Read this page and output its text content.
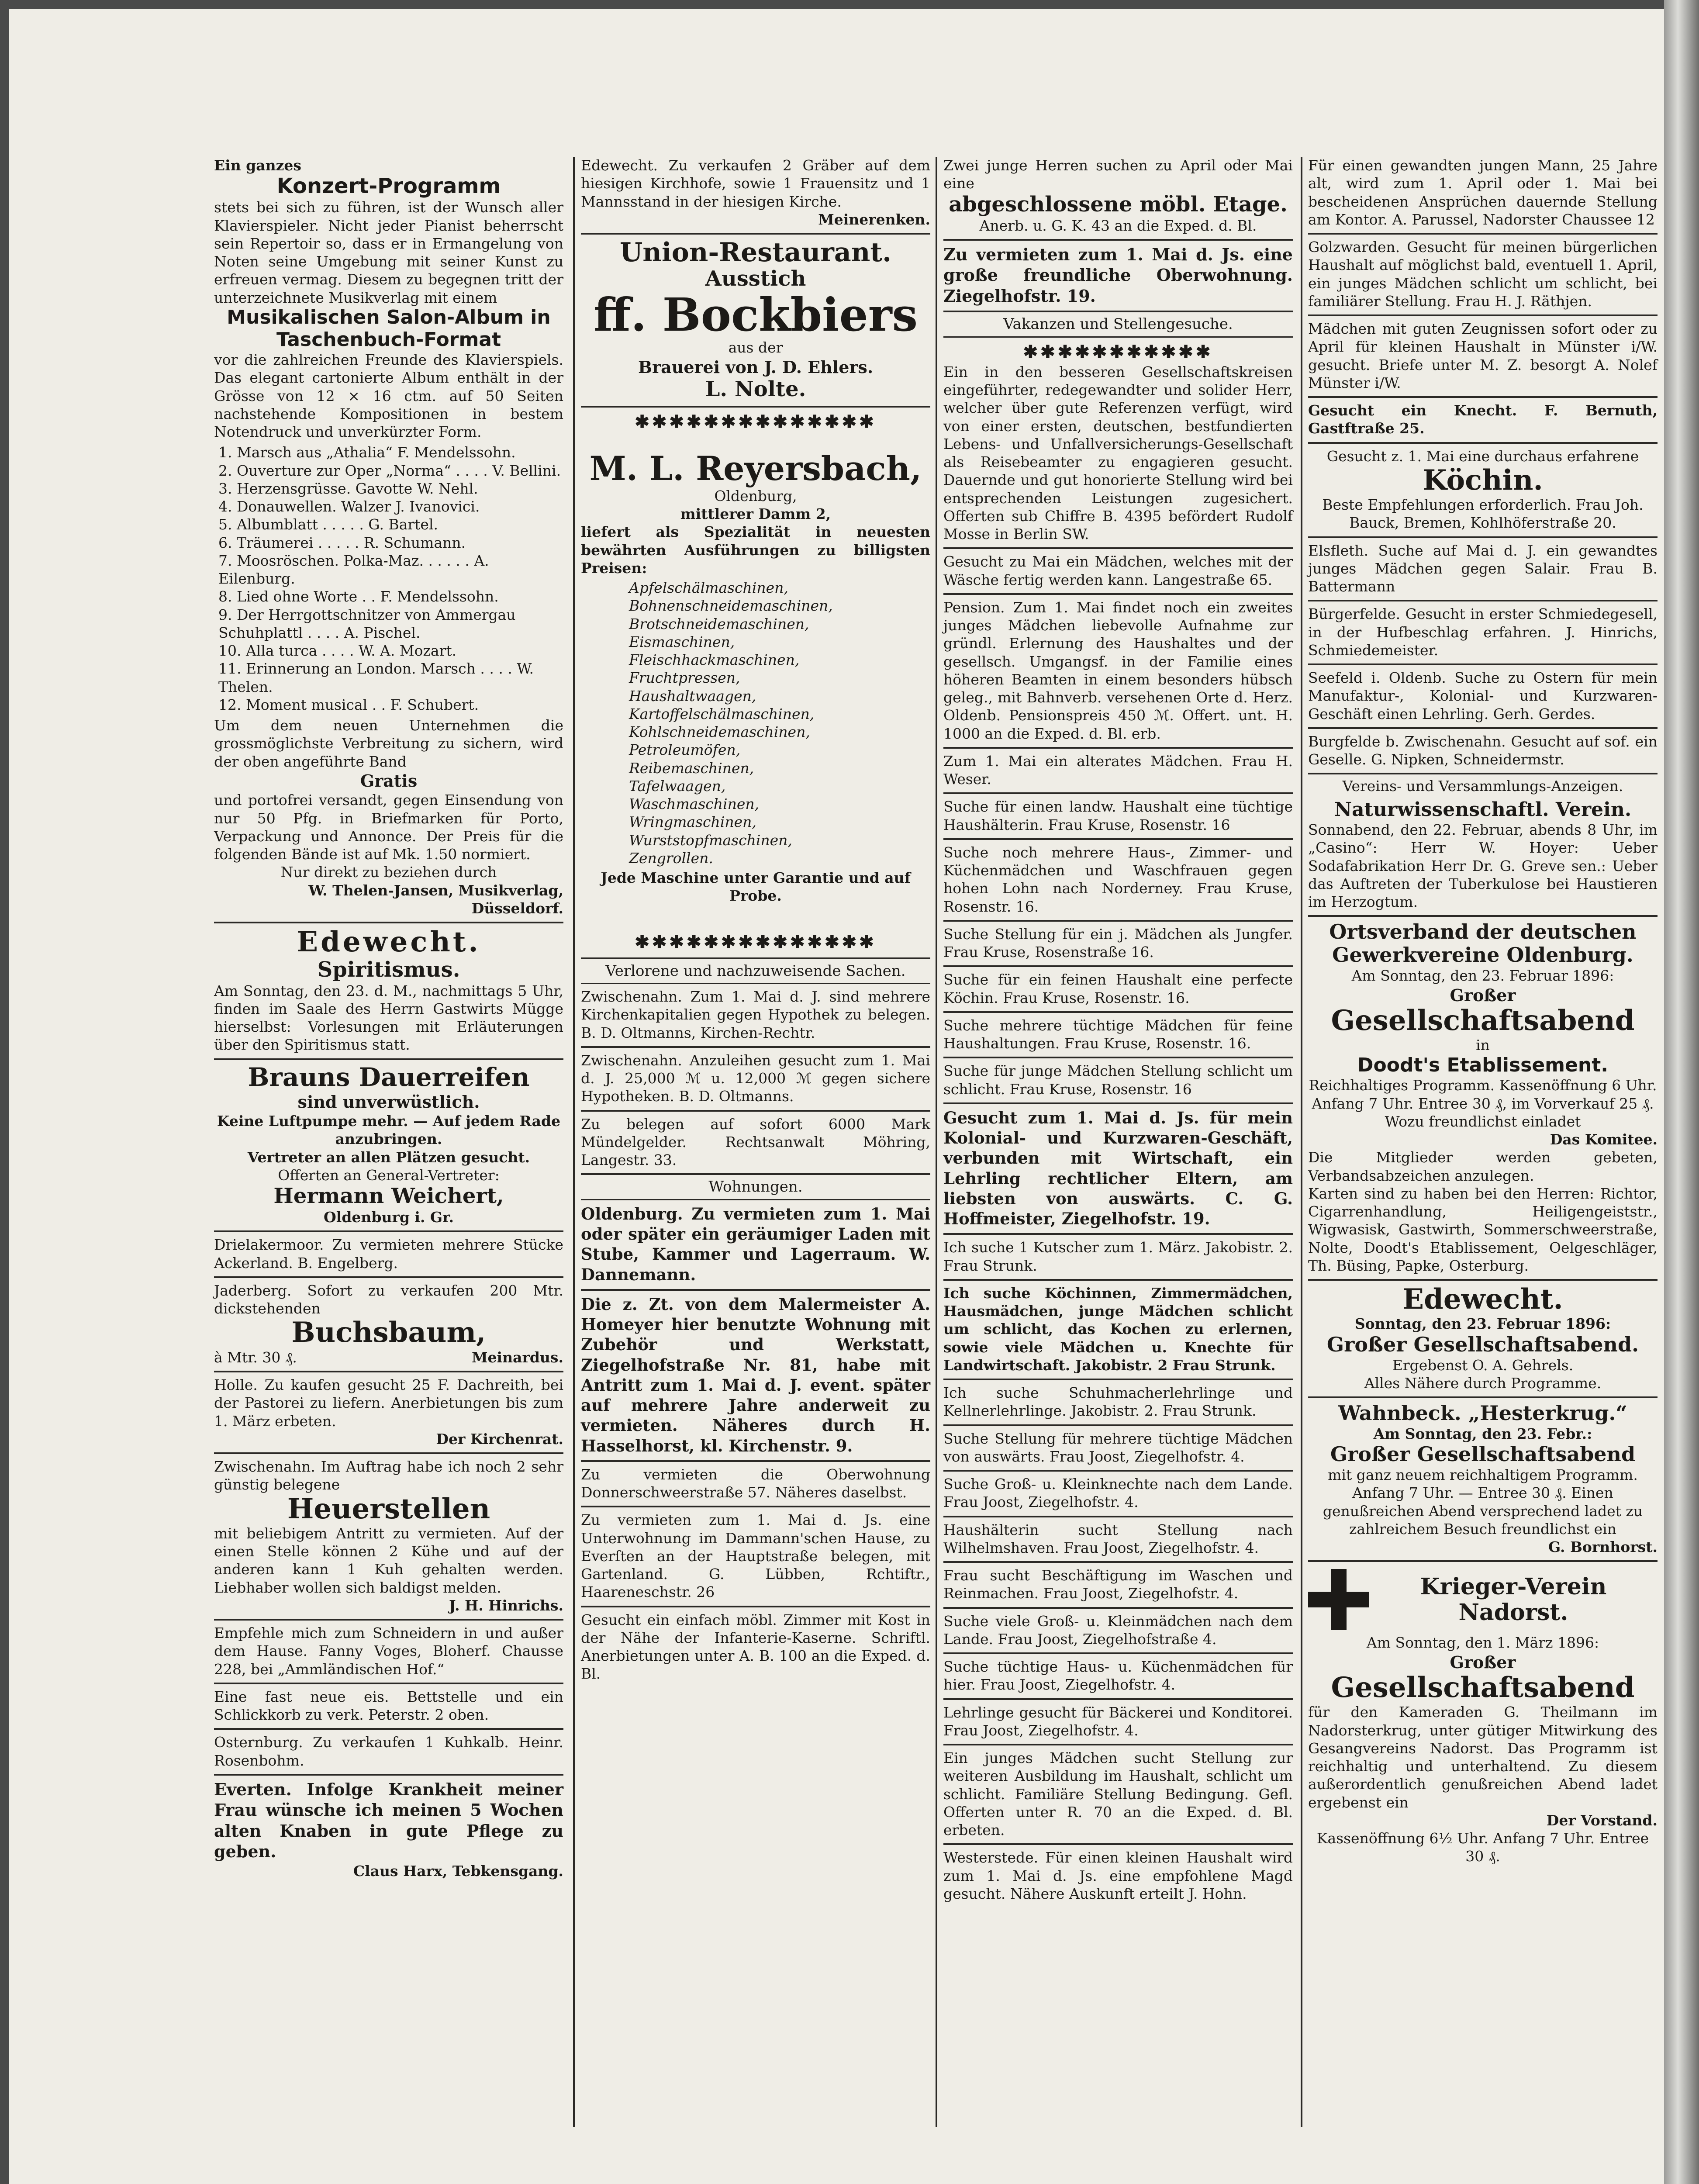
Ein ganzes
Konzert-Programm
stets bei sich zu führen, ist der Wunsch aller Klavierspieler. Nicht jeder Pianist beherrscht sein Repertoir so, dass er in Ermangelung von Noten seine Umgebung mit seiner Kunst zu erfreuen vermag. Diesem zu begegnen tritt der unterzeichnete Musikverlag mit einem
Musikalischen Salon-Album in Taschenbuch-Format
vor die zahlreichen Freunde des Klavierspiels. Das elegant cartonierte Album enthält in der Grösse von 12 × 16 ctm. auf 50 Seiten nachstehende Kompositionen in bestem Notendruck und unverkürzter Form.
1. Marsch aus „Athalia“ F. Mendelssohn.
2. Ouverture zur Oper „Norma“ . . . . V. Bellini.
3. Herzensgrüsse. Gavotte W. Nehl.
4. Donauwellen. Walzer J. Ivanovici.
5. Albumblatt . . . . . G. Bartel.
6. Träumerei . . . . . R. Schumann.
7. Moosröschen. Polka-Maz. . . . . . A. Eilenburg.
8. Lied ohne Worte . . F. Mendelssohn.
9. Der Herrgottschnitzer von Ammergau Schuhplattl . . . . A. Pischel.
10. Alla turca . . . . W. A. Mozart.
11. Erinnerung an London. Marsch . . . . W. Thelen.
12. Moment musical . . F. Schubert.
Um dem neuen Unternehmen die grossmöglichste Verbreitung zu sichern, wird der oben angeführte Band
Gratis
und portofrei versandt, gegen Einsendung von nur 50 Pfg. in Briefmarken für Porto, Verpackung und Annonce. Der Preis für die folgenden Bände ist auf Mk. 1.50 normiert.
Nur direkt zu beziehen durch
W. Thelen-Jansen, Musikverlag, Düsseldorf.
Edewecht.
Spiritismus.
Am Sonntag, den 23. d. M., nachmittags 5 Uhr, finden im Saale des Herrn Gastwirts Mügge hierselbst: Vorlesungen mit Erläuterungen über den Spiritismus statt.
Brauns Dauerreifen
sind unverwüstlich.
Keine Luftpumpe mehr. — Auf jedem Rade anzubringen.
Vertreter an allen Plätzen gesucht.
Offerten an General-Vertreter:
Hermann Weichert,
Oldenburg i. Gr.
Drielakermoor. Zu vermieten mehrere Stücke Ackerland. B. Engelberg.
Jaderberg. Sofort zu verkaufen 200 Mtr. dickstehenden
Buchsbaum,
à Mtr. 30 ₰.	Meinardus.
Holle. Zu kaufen gesucht 25 F. Dachreith, bei der Pastorei zu liefern. Anerbietungen bis zum 1. März erbeten.
Der Kirchenrat.
Zwischenahn. Im Auftrag habe ich noch 2 sehr günstig belegene
Heuerstellen
mit beliebigem Antritt zu vermieten. Auf der einen Stelle können 2 Kühe und auf der anderen kann 1 Kuh gehalten werden. Liebhaber wollen sich baldigst melden.
J. H. Hinrichs.
Empfehle mich zum Schneidern in und außer dem Hause. Fanny Voges, Bloherf. Chausse 228, bei „Ammländischen Hof.“
Eine fast neue eis. Bettstelle und ein Schlickkorb zu verk. Peterstr. 2 oben.
Osternburg. Zu verkaufen 1 Kuhkalb. Heinr. Rosenbohm.
Everten. Infolge Krankheit meiner Frau wünsche ich meinen 5 Wochen alten Knaben in gute Pflege zu geben.
Claus Harx, Tebkensgang.
Edewecht. Zu verkaufen 2 Gräber auf dem hiesigen Kirchhofe, sowie 1 Frauensitz und 1 Mannsstand in der hiesigen Kirche.
Meinerenken.
Union-Restaurant.
Ausstich
ff. Bockbiers
aus der
Brauerei von J. D. Ehlers.
L. Nolte.
✱✱✱✱✱✱✱✱✱✱✱✱✱✱
M. L. Reyersbach,
Oldenburg,
mittlerer Damm 2,
liefert als Spezialität in neuesten bewährten Ausführungen zu billigsten Preisen:
Apfelschälmaschinen,
Bohnenschneidemaschinen,
Brotschneidemaschinen,
Eismaschinen,
Fleischhackmaschinen,
Fruchtpressen,
Haushaltwaagen,
Kartoffelschälmaschinen,
Kohlschneidemaschinen,
Petroleumöfen,
Reibemaschinen,
Tafelwaagen,
Waschmaschinen,
Wringmaschinen,
Wurststopfmaschinen,
Zengrollen.
Jede Maschine unter Garantie und auf Probe.
✱✱✱✱✱✱✱✱✱✱✱✱✱✱
Verlorene und nachzuweisende Sachen.
Zwischenahn. Zum 1. Mai d. J. sind mehrere Kirchenkapitalien gegen Hypothek zu belegen. B. D. Oltmanns, Kirchen-Rechtr.
Zwischenahn. Anzuleihen gesucht zum 1. Mai d. J. 25,000 ℳ u. 12,000 ℳ gegen sichere Hypotheken. B. D. Oltmanns.
Zu belegen auf sofort 6000 Mark Mündelgelder. Rechtsanwalt Möhring, Langestr. 33.
Wohnungen.
Oldenburg. Zu vermieten zum 1. Mai oder später ein geräumiger Laden mit Stube, Kammer und Lagerraum. W. Dannemann.
Die z. Zt. von dem Malermeister A. Homeyer hier benutzte Wohnung mit Zubehör und Werkstatt, Ziegelhofstraße Nr. 81, habe mit Antritt zum 1. Mai d. J. event. später auf mehrere Jahre anderweit zu vermieten. Näheres durch H. Hasselhorst, kl. Kirchenstr. 9.
Zu vermieten die Oberwohnung Donnerschweerstraße 57. Näheres daselbst.
Zu vermieten zum 1. Mai d. Js. eine Unterwohnung im Dammann'schen Hause, zu Everſten an der Hauptstraße belegen, mit Gartenland. G. Lübben, Rchtiftr., Haareneschstr. 26
Gesucht ein einfach möbl. Zimmer mit Kost in der Nähe der Infanterie-Kaserne. Schriftl. Anerbietungen unter A. B. 100 an die Exped. d. Bl.
Zwei junge Herren suchen zu April oder Mai eine
abgeschlossene möbl. Etage.
Anerb. u. G. K. 43 an die Exped. d. Bl.
Zu vermieten zum 1. Mai d. Js. eine große freundliche Oberwohnung. Ziegelhofstr. 19.
Vakanzen und Stellengesuche.
✱✱✱✱✱✱✱✱✱✱✱
Ein in den besseren Gesellschaftskreisen eingeführter, redegewandter und solider Herr, welcher über gute Referenzen verfügt, wird von einer ersten, deutschen, bestfundierten Lebens- und Unfallversicherungs-Gesellschaft als Reisebeamter zu engagieren gesucht. Dauernde und gut honorierte Stellung wird bei entsprechenden Leistungen zugesichert. Offerten sub Chiffre B. 4395 befördert Rudolf Mosse in Berlin SW.
Gesucht zu Mai ein Mädchen, welches mit der Wäsche fertig werden kann. Langestraße 65.
Pension. Zum 1. Mai findet noch ein zweites junges Mädchen liebevolle Aufnahme zur gründl. Erlernung des Haushaltes und der gesellsch. Umgangsf. in der Familie eines höheren Beamten in einem besonders hübsch geleg., mit Bahnverb. versehenen Orte d. Herz. Oldenb. Pensionspreis 450 ℳ. Offert. unt. H. 1000 an die Exped. d. Bl. erb.
Zum 1. Mai ein alterates Mädchen. Frau H. Weser.
Suche für einen landw. Haushalt eine tüchtige Haushälterin. Frau Kruse, Rosenstr. 16
Suche noch mehrere Haus-, Zimmer- und Küchenmädchen und Waschfrauen gegen hohen Lohn nach Norderney. Frau Kruse, Rosenstr. 16.
Suche Stellung für ein j. Mädchen als Jungfer. Frau Kruse, Rosenstraße 16.
Suche für ein feinen Haushalt eine perfecte Köchin. Frau Kruse, Rosenstr. 16.
Suche mehrere tüchtige Mädchen für feine Haushaltungen. Frau Kruse, Rosenstr. 16.
Suche für junge Mädchen Stellung schlicht um schlicht. Frau Kruse, Rosenstr. 16
Gesucht zum 1. Mai d. Js. für mein Kolonial- und Kurzwaren-Geschäft, verbunden mit Wirtschaft, ein Lehrling rechtlicher Eltern, am liebsten von auswärts. C. G. Hoffmeister, Ziegelhofstr. 19.
Ich suche 1 Kutscher zum 1. März. Jakobistr. 2. Frau Strunk.
Ich suche Köchinnen, Zimmermädchen, Hausmädchen, junge Mädchen schlicht um schlicht, das Kochen zu erlernen, sowie viele Mädchen u. Knechte für Landwirtschaft. Jakobistr. 2 Frau Strunk.
Ich suche Schuhmacherlehrlinge und Kellnerlehrlinge. Jakobistr. 2. Frau Strunk.
Suche Stellung für mehrere tüchtige Mädchen von auswärts. Frau Joost, Ziegelhofstr. 4.
Suche Groß- u. Kleinknechte nach dem Lande. Frau Joost, Ziegelhofstr. 4.
Haushälterin sucht Stellung nach Wilhelmshaven. Frau Joost, Ziegelhofstr. 4.
Frau sucht Beschäftigung im Waschen und Reinmachen. Frau Joost, Ziegelhofstr. 4.
Suche viele Groß- u. Kleinmädchen nach dem Lande. Frau Joost, Ziegelhofstraße 4.
Suche tüchtige Haus- u. Küchenmädchen für hier. Frau Joost, Ziegelhofstr. 4.
Lehrlinge gesucht für Bäckerei und Konditorei. Frau Joost, Ziegelhofstr. 4.
Ein junges Mädchen sucht Stellung zur weiteren Ausbildung im Haushalt, schlicht um schlicht. Familiäre Stellung Bedingung. Gefl. Offerten unter R. 70 an die Exped. d. Bl. erbeten.
Westerstede. Für einen kleinen Haushalt wird zum 1. Mai d. Js. eine empfohlene Magd gesucht. Nähere Auskunft erteilt J. Hohn.
Für einen gewandten jungen Mann, 25 Jahre alt, wird zum 1. April oder 1. Mai bei bescheidenen Ansprüchen dauernde Stellung am Kontor. A. Parussel, Nadorster Chaussee 12
Golzwarden. Gesucht für meinen bürgerlichen Haushalt auf möglichst bald, eventuell 1. April, ein junges Mädchen schlicht um schlicht, bei familiärer Stellung. Frau H. J. Räthjen.
Mädchen mit guten Zeugnissen sofort oder zu April für kleinen Haushalt in Münster i/W. gesucht. Briefe unter M. Z. besorgt A. Nolef Münster i/W.
Gesucht ein Knecht. F. Bernuth, Gastftraße 25.
Gesucht z. 1. Mai eine durchaus erfahrene
Köchin.
Beste Empfehlungen erforderlich. Frau Joh. Bauck, Bremen, Kohlhöferstraße 20.
Elsfleth. Suche auf Mai d. J. ein gewandtes junges Mädchen gegen Salair. Frau B. Battermann
Bürgerfelde. Gesucht in erster Schmiedegesell, in der Hufbeschlag erfahren. J. Hinrichs, Schmiedemeister.
Seefeld i. Oldenb. Suche zu Ostern für mein Manufaktur-, Kolonial- und Kurzwaren-Geschäft einen Lehrling. Gerh. Gerdes.
Burgfelde b. Zwischenahn. Gesucht auf sof. ein Geselle. G. Nipken, Schneidermstr.
Vereins- und Versammlungs-Anzeigen.
Naturwissenschaftl. Verein.
Sonnabend, den 22. Februar, abends 8 Uhr, im „Casino“: Herr W. Hoyer: Ueber Sodafabrikation Herr Dr. G. Greve sen.: Ueber das Auftreten der Tuberkulose bei Haustieren im Herzogtum.
Ortsverband der deutschen Gewerkvereine Oldenburg.
Am Sonntag, den 23. Februar 1896:
Großer
Gesellschaftsabend
in
Doodt's Etablissement.
Reichhaltiges Programm. Kassenöffnung 6 Uhr. Anfang 7 Uhr. Entree 30 ₰, im Vorverkauf 25 ₰. Wozu freundlichst einladet
Das Komitee.
Die Mitglieder werden gebeten, Verbandsabzeichen anzulegen.
Karten sind zu haben bei den Herren: Richtor, Cigarrenhandlung, Heiligengeiststr., Wigwasisk, Gastwirth, Sommerschweerstraße, Nolte, Doodt's Etablissement, Oelgeschläger, Th. Büsing, Papke, Osterburg.
Edewecht.
Sonntag, den 23. Februar 1896:
Großer Gesellschaftsabend.
Ergebenst O. A. Gehrels.
Alles Nähere durch Programme.
Wahnbeck. „Hesterkrug.“
Am Sonntag, den 23. Febr.:
Großer Gesellschaftsabend
mit ganz neuem reichhaltigem Programm. Anfang 7 Uhr. — Entree 30 ₰. Einen genußreichen Abend versprechend ladet zu zahlreichem Besuch freundlichst ein
G. Bornhorst.
Krieger-Verein Nadorst.
Am Sonntag, den 1. März 1896:
Großer
Gesellschaftsabend
für den Kameraden G. Theilmann im Nadorsterkrug, unter gütiger Mitwirkung des Gesangvereins Nadorst. Das Programm ist reichhaltig und unterhaltend. Zu diesem außerordentlich genußreichen Abend ladet ergebenst ein
Der Vorstand.
Kassenöffnung 6½ Uhr. Anfang 7 Uhr. Entree 30 ₰.
